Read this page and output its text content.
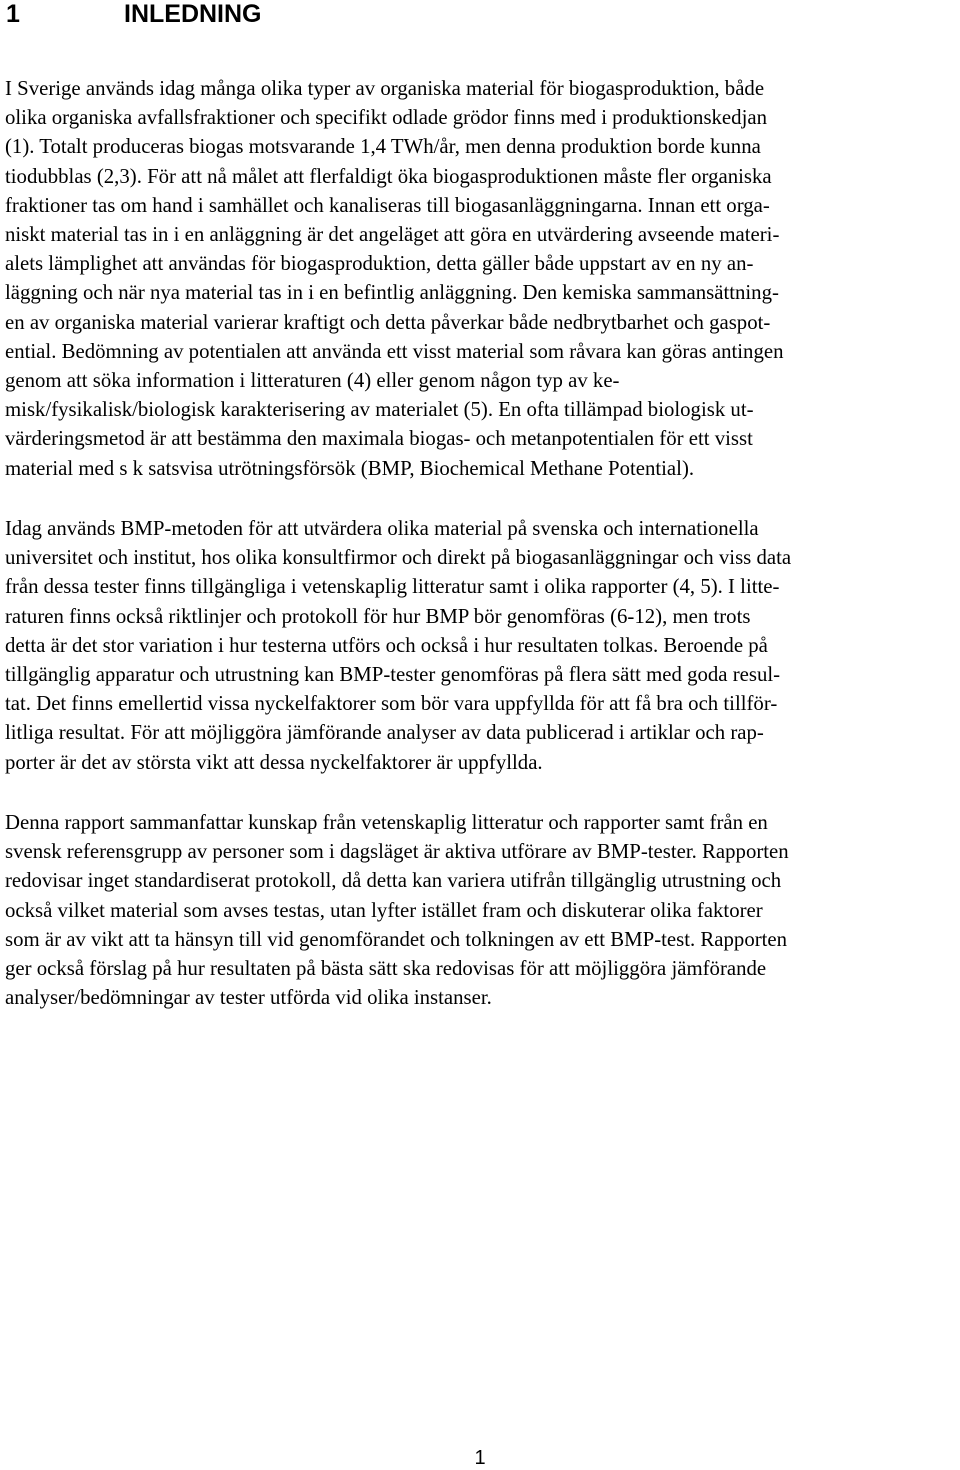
1	INLEDNING

I Sverige används idag många olika typer av organiska material för biogasproduktion, både
olika organiska avfallsfraktioner och specifikt odlade grödor finns med i produktionskedjan
(1). Totalt produceras biogas motsvarande 1,4 TWh/år, men denna produktion borde kunna
tiodubblas (2,3). För att nå målet att flerfaldigt öka biogasproduktionen måste fler organiska
fraktioner tas om hand i samhället och kanaliseras till biogasanläggningarna. Innan ett orga-
niskt material tas in i en anläggning är det angeläget att göra en utvärdering avseende materi-
alets lämplighet att användas för biogasproduktion, detta gäller både uppstart av en ny an-
läggning och när nya material tas in i en befintlig anläggning. Den kemiska sammansättning-
en av organiska material varierar kraftigt och detta påverkar både nedbrytbarhet och gaspot-
ential. Bedömning av potentialen att använda ett visst material som råvara kan göras antingen
genom att söka information i litteraturen (4) eller genom någon typ av ke-
misk/fysikalisk/biologisk karakterisering av materialet (5). En ofta tillämpad biologisk ut-
värderingsmetod är att bestämma den maximala biogas- och metanpotentialen för ett visst
material med s k satsvisa utrötningsförsök (BMP, Biochemical Methane Potential).

Idag används BMP-metoden för att utvärdera olika material på svenska och internationella
universitet och institut, hos olika konsultfirmor och direkt på biogasanläggningar och viss data
från dessa tester finns tillgängliga i vetenskaplig litteratur samt i olika rapporter (4, 5). I litte-
raturen finns också riktlinjer och protokoll för hur BMP bör genomföras (6-12), men trots
detta är det stor variation i hur testerna utförs och också i hur resultaten tolkas. Beroende på
tillgänglig apparatur och utrustning kan BMP-tester genomföras på flera sätt med goda resul-
tat. Det finns emellertid vissa nyckelfaktorer som bör vara uppfyllda för att få bra och tillför-
litliga resultat. För att möjliggöra jämförande analyser av data publicerad i artiklar och rap-
porter är det av största vikt att dessa nyckelfaktorer är uppfyllda.

Denna rapport sammanfattar kunskap från vetenskaplig litteratur och rapporter samt från en
svensk referensgrupp av personer som i dagsläget är aktiva utförare av BMP-tester. Rapporten
redovisar inget standardiserat protokoll, då detta kan variera utifrån tillgänglig utrustning och
också vilket material som avses testas, utan lyfter istället fram och diskuterar olika faktorer
som är av vikt att ta hänsyn till vid genomförandet och tolkningen av ett BMP-test. Rapporten
ger också förslag på hur resultaten på bästa sätt ska redovisas för att möjliggöra jämförande
analyser/bedömningar av tester utförda vid olika instanser.

1
